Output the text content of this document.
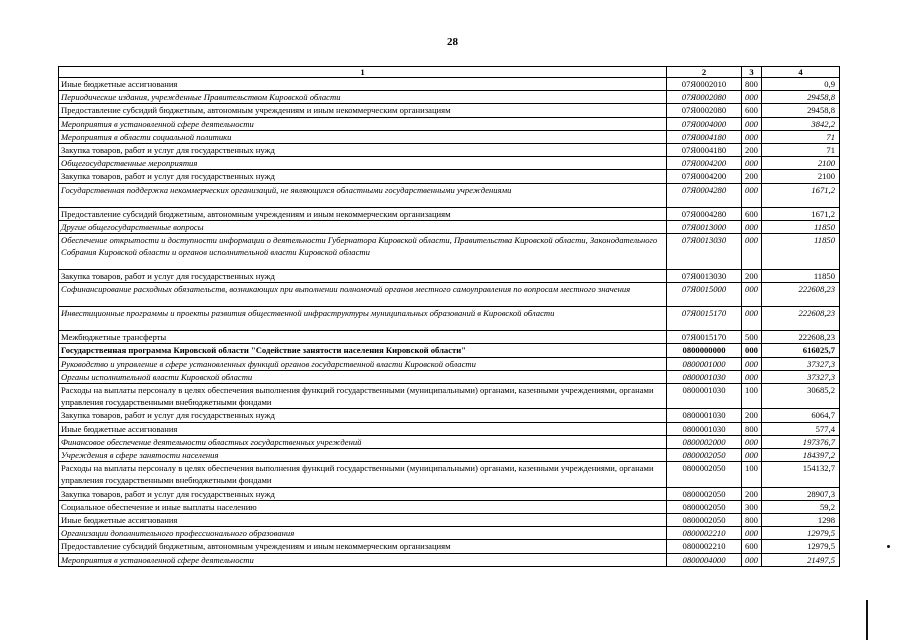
28
1	2	3	4
Иные бюджетные ассигнования	07Я0002010	800	0,9
Периодические издания, учрежденные Правительством Кировской области	07Я0002080	000	29458,8
Предоставление субсидий бюджетным, автономным учреждениям и иным некоммерческим организациям	07Я0002080	600	29458,8
Мероприятия в установленной сфере деятельности	07Я0004000	000	3842,2
Мероприятия в области социальной политики	07Я0004180	000	71
Закупка товаров, работ и услуг для государственных нужд	07Я0004180	200	71
Общегосударственные мероприятия	07Я0004200	000	2100
Закупка товаров, работ и услуг для государственных нужд	07Я0004200	200	2100
Государственная поддержка некоммерческих организаций, не являющихся областными государственными учреждениями	07Я0004280	000	1671,2
Предоставление субсидий бюджетным, автономным учреждениям и иным некоммерческим организациям	07Я0004280	600	1671,2
Другие общегосударственные вопросы	07Я0013000	000	11850
Обеспечение открытости и доступности информации о деятельности Губернатора Кировской области, Правительства Кировской области, Законодательного Собрания Кировской области и органов исполнительной власти Кировской области	07Я0013030	000	11850
Закупка товаров, работ и услуг для государственных нужд	07Я0013030	200	11850
Софинансирование расходных обязательств, возникающих при выполнении полномочий органов местного самоуправления по вопросам местного значения	07Я0015000	000	222608,23
Инвестиционные программы и проекты развития общественной инфраструктуры муниципальных образований в Кировской области	07Я0015170	000	222608,23
Межбюджетные трансферты	07Я0015170	500	222608,23
Государственная программа Кировской области "Содействие занятости населения Кировской области"	0800000000	000	616025,7
Руководство и управление в сфере установленных функций органов государственной власти Кировской области	0800001000	000	37327,3
Органы исполнительной власти Кировской области	0800001030	000	37327,3
Расходы на выплаты персоналу в целях обеспечения выполнения функций государственными (муниципальными) органами, казенными учреждениями, органами управления государственными внебюджетными фондами	0800001030	100	30685,2
Закупка товаров, работ и услуг для государственных нужд	0800001030	200	6064,7
Иные бюджетные ассигнования	0800001030	800	577,4
Финансовое обеспечение деятельности областных государственных учреждений	0800002000	000	197376,7
Учреждения в сфере занятости населения	0800002050	000	184397,2
Расходы на выплаты персоналу в целях обеспечения выполнения функций государственными (муниципальными) органами, казенными учреждениями, органами управления государственными внебюджетными фондами	0800002050	100	154132,7
Закупка товаров, работ и услуг для государственных нужд	0800002050	200	28907,3
Социальное обеспечение и иные выплаты населению	0800002050	300	59,2
Иные бюджетные ассигнования	0800002050	800	1298
Организации дополнительного профессионального образования	0800002210	000	12979,5
Предоставление субсидий бюджетным, автономным учреждениям и иным некоммерческим организациям	0800002210	600	12979,5
Мероприятия в установленной сфере деятельности	0800004000	000	21497,5
